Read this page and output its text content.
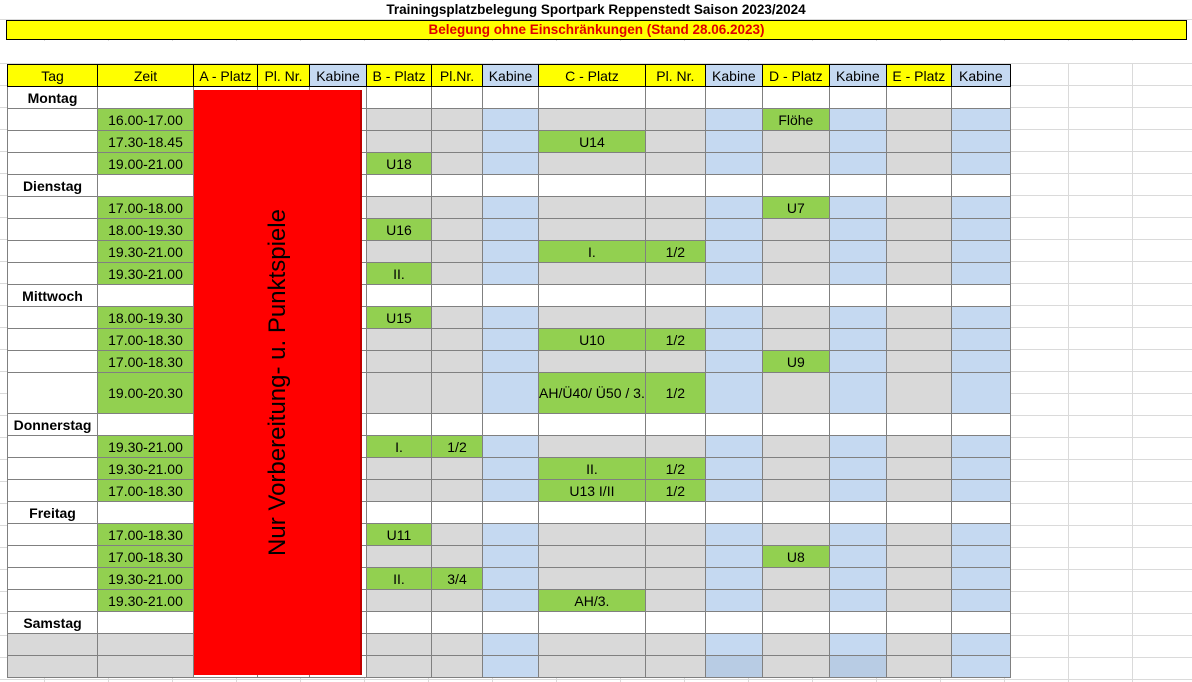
Trainingsplatzbelegung Sportpark Reppenstedt Saison 2023/2024
Belegung ohne Einschränkungen (Stand 28.06.2023)
Tag	Zeit	A - Platz	Pl. Nr.	Kabine	B - Platz	Pl.Nr.	Kabine	C - Platz	Pl. Nr.	Kabine	D - Platz	Kabine	E - Platz	Kabine
Montag														
	16.00-17.00										Flöhe			
	17.30-18.45							U14						
	19.00-21.00				U18									
Dienstag														
	17.00-18.00										U7			
	18.00-19.30				U16									
	19.30-21.00							I.	1/2					
	19.30-21.00				II.									
Mittwoch														
	18.00-19.30				U15									
	17.00-18.30							U10	1/2					
	17.00-18.30										U9			
	19.00-20.30							AH/Ü40/ Ü50 / 3.	1/2					
Donnerstag														
	19.30-21.00				I.	1/2								
	19.30-21.00							II.	1/2					
	17.00-18.30							U13 I/II	1/2					
Freitag														
	17.00-18.30				U11									
	17.00-18.30										U8			
	19.30-21.00				II.	3/4								
	19.30-21.00							AH/3.						
Samstag														

Nur Vorbereitung- u. Punktspiele
